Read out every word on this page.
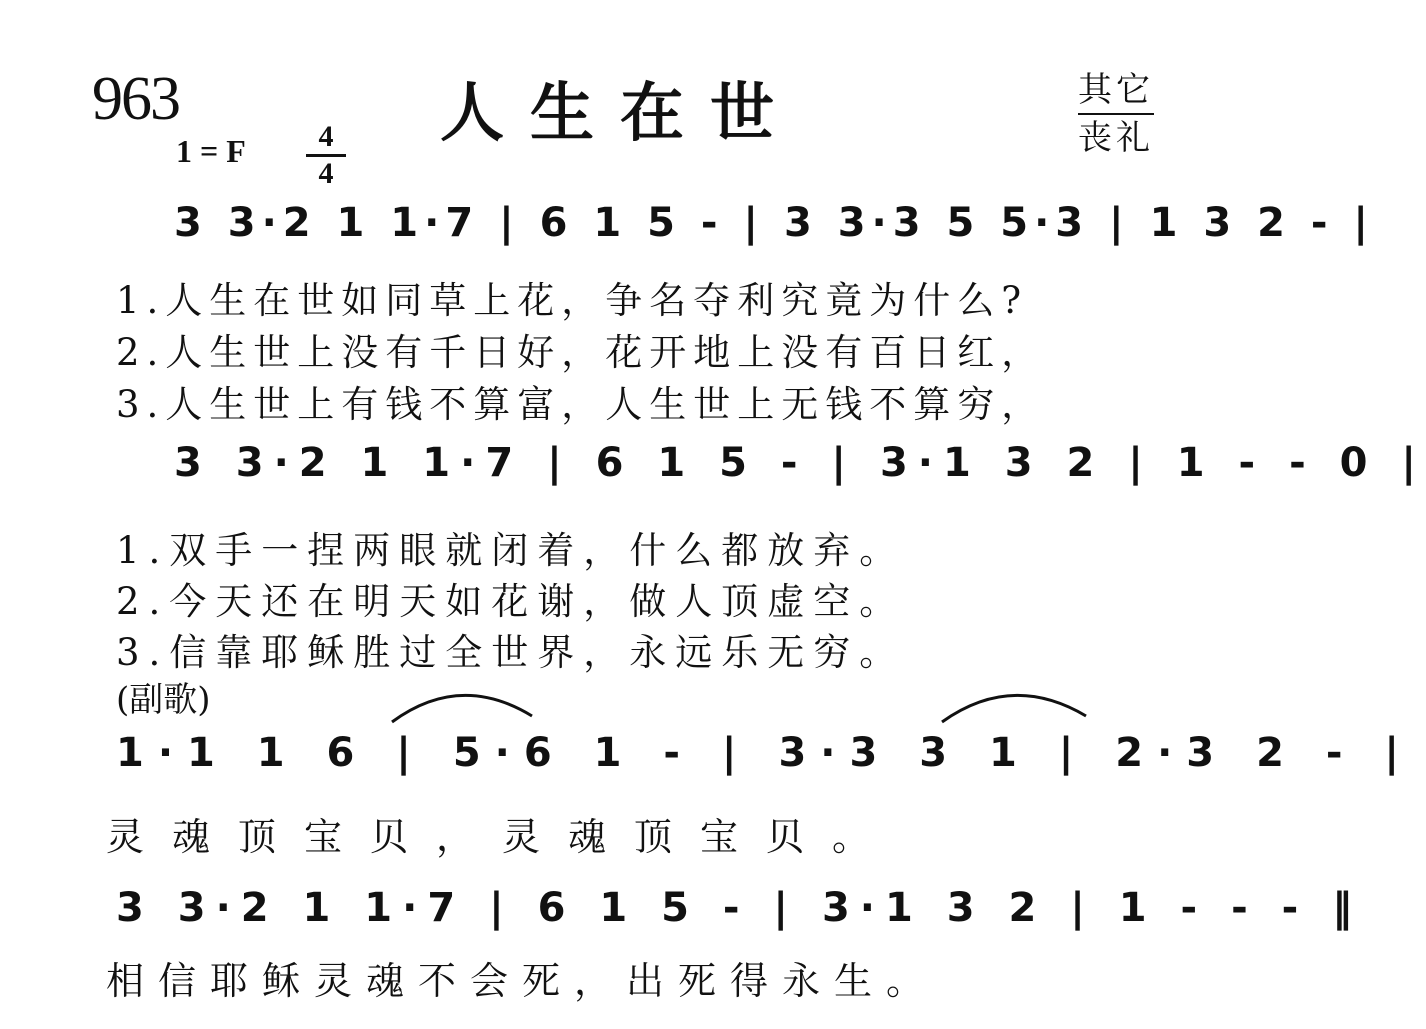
963	人生在世	其它
丧礼
1 = F	4
4
3 3·2 1 1·7 | 6 1 5 - | 3 3·3 5 5·3 | 1 3 2 - |
1.人生在世如同草上花，争名夺利究竟为什么?
2.人生世上没有千日好，花开地上没有百日红，
3.人生世上有钱不算富，人生世上无钱不算穷，
3 3·2 1 1·7 | 6 1 5 - | 3·1 3 2 | 1 - - 0 |
1.双手一捏两眼就闭着，什么都放弃。
2.今天还在明天如花谢，做人顶虚空。
3.信靠耶稣胜过全世界，永远乐无穷。
(副歌)
1·1 1 6 | 5·6 1 - | 3·3 3 1 | 2·3 2 - |
灵魂顶宝贝，灵魂顶宝贝。
3 3·2 1 1·7 | 6 1 5 - | 3·1 3 2 | 1 - - - ‖
相信耶稣灵魂不会死，出死得永生。
